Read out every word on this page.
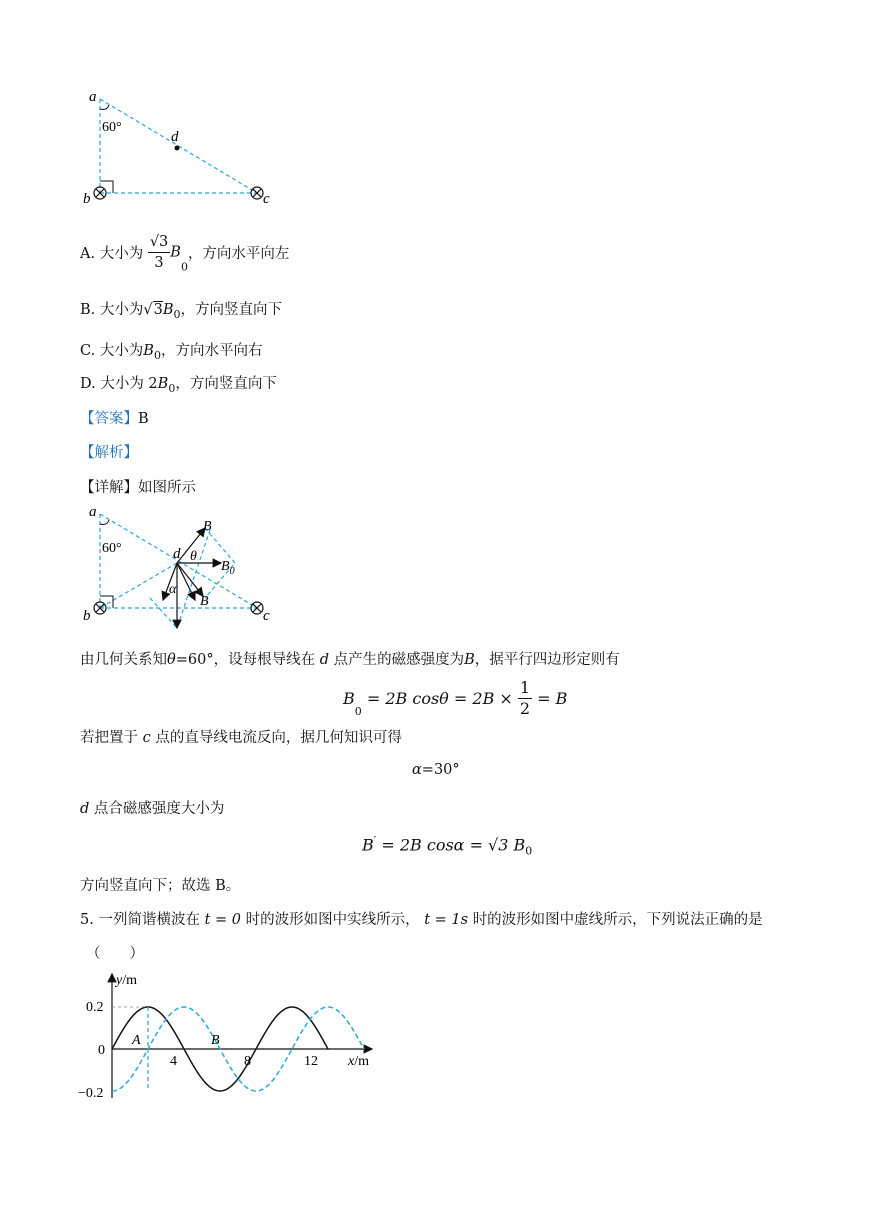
a
60°
d
b	c
A. 大小为 $\frac{√3}{3} B_0$，方向水平向左
B. 大小为$√3B_0$，方向竖直向下
C. 大小为$B_0$，方向水平向右
D. 大小为 $2B_0$，方向竖直向下
【答案】B
【解析】
【详解】如图所示
a
60°	d θ
B
$B_0$
α
B
b	c
由几何关系知θ=60°，设每根导线在 d 点产生的磁感强度为B，据平行四边形定则有
$B_0 = 2B$ $\cos\theta = 2B \times \frac{1}{2} = B$
若把置于 c 点的直导线电流反向，据几何知识可得
α=30°
d 点合磁感强度大小为
B′ = 2B cosα = √3 $B_0$
方向竖直向下；故选 B。
5. 一列简谐横波在 t = 0 时的波形如图中实线所示， t = 1s 时的波形如图中虚线所示，下列说法正确的是
（　　）
y/m
x/m
0.2
0
−0.2
4	8	12
A	B
